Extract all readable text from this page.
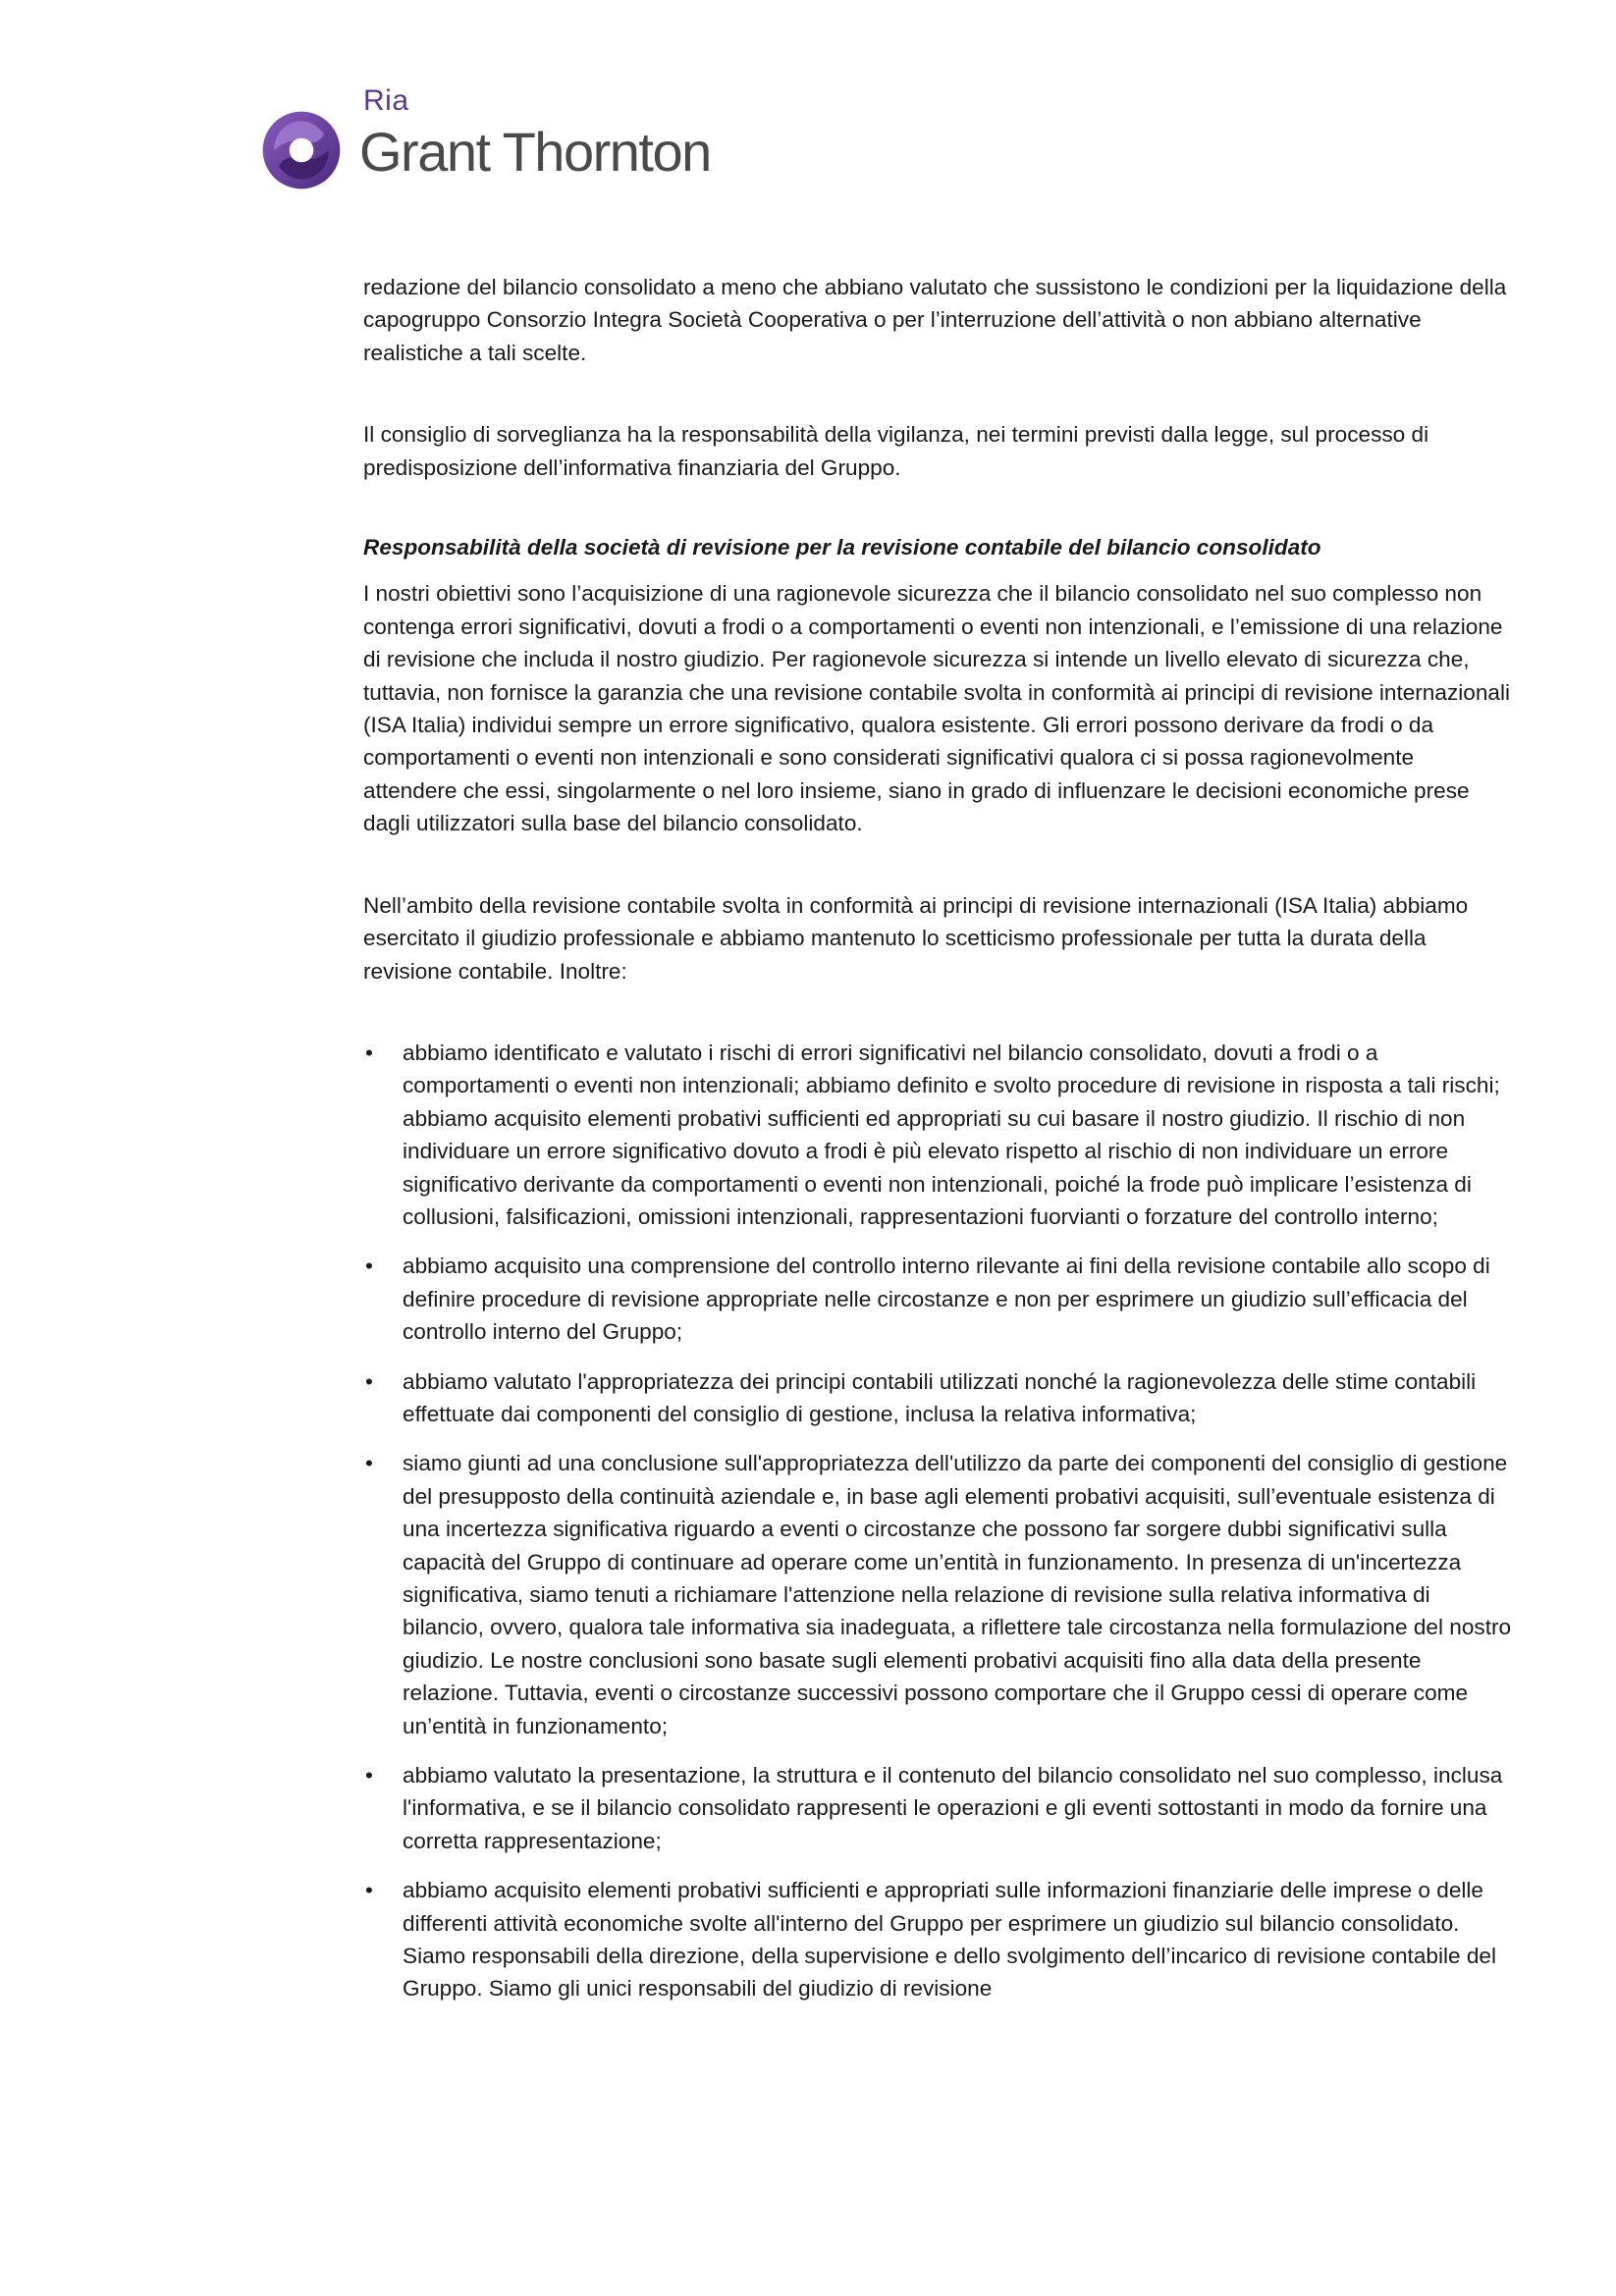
Ria
Grant Thornton

redazione del bilancio consolidato a meno che abbiano valutato che sussistono le condizioni per la liquidazione della capogruppo Consorzio Integra Società Cooperativa o per l’interruzione dell’attività o non abbiano alternative realistiche a tali scelte.

Il consiglio di sorveglianza ha la responsabilità della vigilanza, nei termini previsti dalla legge, sul processo di predisposizione dell’informativa finanziaria del Gruppo.

Responsabilità della società di revisione per la revisione contabile del bilancio consolidato

I nostri obiettivi sono l’acquisizione di una ragionevole sicurezza che il bilancio consolidato nel suo complesso non contenga errori significativi, dovuti a frodi o a comportamenti o eventi non intenzionali, e l’emissione di una relazione di revisione che includa il nostro giudizio. Per ragionevole sicurezza si intende un livello elevato di sicurezza che, tuttavia, non fornisce la garanzia che una revisione contabile svolta in conformità ai principi di revisione internazionali (ISA Italia) individui sempre un errore significativo, qualora esistente. Gli errori possono derivare da frodi o da comportamenti o eventi non intenzionali e sono considerati significativi qualora ci si possa ragionevolmente attendere che essi, singolarmente o nel loro insieme, siano in grado di influenzare le decisioni economiche prese dagli utilizzatori sulla base del bilancio consolidato.

Nell’ambito della revisione contabile svolta in conformità ai principi di revisione internazionali (ISA Italia) abbiamo esercitato il giudizio professionale e abbiamo mantenuto lo scetticismo professionale per tutta la durata della revisione contabile. Inoltre:

• abbiamo identificato e valutato i rischi di errori significativi nel bilancio consolidato, dovuti a frodi o a comportamenti o eventi non intenzionali; abbiamo definito e svolto procedure di revisione in risposta a tali rischi; abbiamo acquisito elementi probativi sufficienti ed appropriati su cui basare il nostro giudizio. Il rischio di non individuare un errore significativo dovuto a frodi è più elevato rispetto al rischio di non individuare un errore significativo derivante da comportamenti o eventi non intenzionali, poiché la frode può implicare l’esistenza di collusioni, falsificazioni, omissioni intenzionali, rappresentazioni fuorvianti o forzature del controllo interno;
• abbiamo acquisito una comprensione del controllo interno rilevante ai fini della revisione contabile allo scopo di definire procedure di revisione appropriate nelle circostanze e non per esprimere un giudizio sull’efficacia del controllo interno del Gruppo;
• abbiamo valutato l'appropriatezza dei principi contabili utilizzati nonché la ragionevolezza delle stime contabili effettuate dai componenti del consiglio di gestione, inclusa la relativa informativa;
• siamo giunti ad una conclusione sull'appropriatezza dell'utilizzo da parte dei componenti del consiglio di gestione del presupposto della continuità aziendale e, in base agli elementi probativi acquisiti, sull’eventuale esistenza di una incertezza significativa riguardo a eventi o circostanze che possono far sorgere dubbi significativi sulla capacità del Gruppo di continuare ad operare come un’entità in funzionamento. In presenza di un'incertezza significativa, siamo tenuti a richiamare l'attenzione nella relazione di revisione sulla relativa informativa di bilancio, ovvero, qualora tale informativa sia inadeguata, a riflettere tale circostanza nella formulazione del nostro giudizio. Le nostre conclusioni sono basate sugli elementi probativi acquisiti fino alla data della presente relazione. Tuttavia, eventi o circostanze successivi possono comportare che il Gruppo cessi di operare come un’entità in funzionamento;
• abbiamo valutato la presentazione, la struttura e il contenuto del bilancio consolidato nel suo complesso, inclusa l'informativa, e se il bilancio consolidato rappresenti le operazioni e gli eventi sottostanti in modo da fornire una corretta rappresentazione;
• abbiamo acquisito elementi probativi sufficienti e appropriati sulle informazioni finanziarie delle imprese o delle differenti attività economiche svolte all'interno del Gruppo per esprimere un giudizio sul bilancio consolidato. Siamo responsabili della direzione, della supervisione e dello svolgimento dell’incarico di revisione contabile del Gruppo. Siamo gli unici responsabili del giudizio di revisione
